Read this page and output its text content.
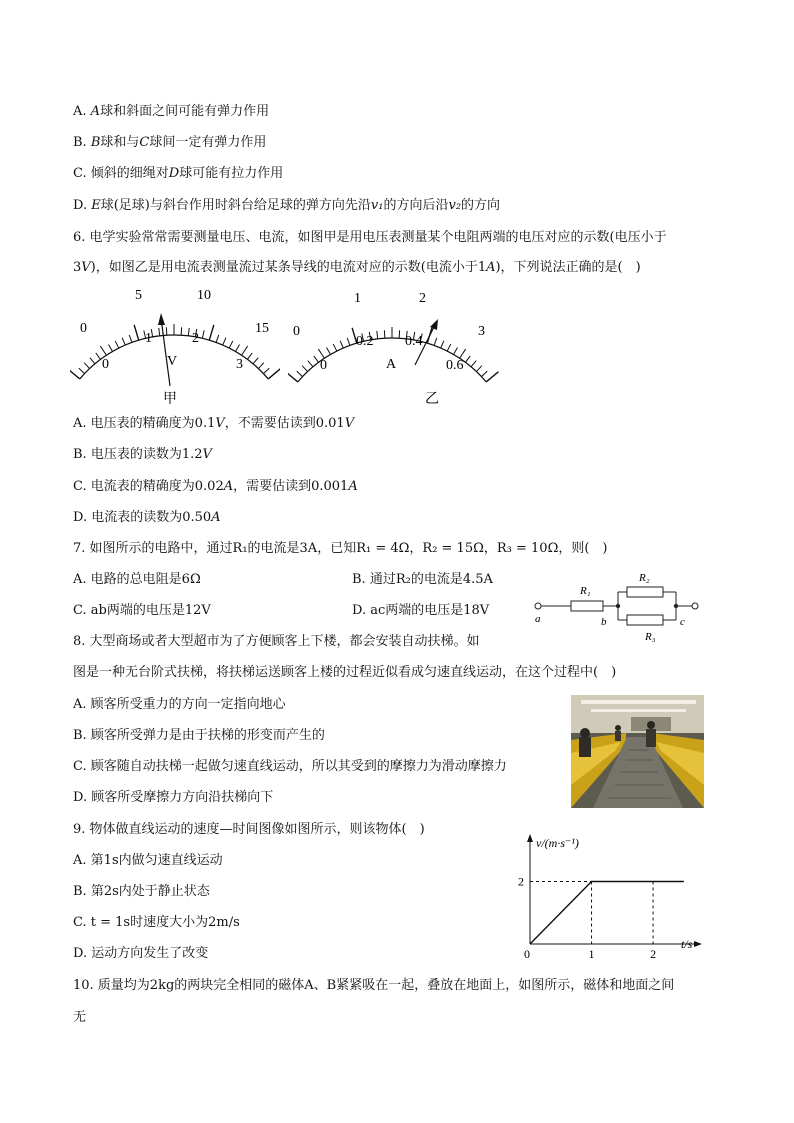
A. A球和斜面之间可能有弹力作用
B. B球和与C球间一定有弹力作用
C. 倾斜的细绳对D球可能有拉力作用
D. E球(足球)与斜台作用时斜台给足球的弹方向先沿v₁的方向后沿v₂的方向
6. 电学实验常常需要测量电压、电流，如图甲是用电压表测量某个电阻两端的电压对应的示数(电压小于
3V)，如图乙是用电流表测量流过某条导线的电流对应的示数(电流小于1A)，下列说法正确的是(　)
0
5	10
15
0
1	2
3
V
甲
0
1	2
3
0
0.2 0.4
0.6
A
乙
A. 电压表的精确度为0.1V，不需要估读到0.01V
B. 电压表的读数为1.2V
C. 电流表的精确度为0.02A，需要估读到0.001A
D. 电流表的读数为0.50A
7. 如图所示的电路中，通过R₁的电流是3A，已知R₁ = 4Ω，R₂ = 15Ω，R₃ = 10Ω，则(　)
A. 电路的总电阻是6Ω	B. 通过R₂的电流是4.5A
C. ab两端的电压是12V	D. ac两端的电压是18V
R₁
R₂
R₃
a	b	c
8. 大型商场或者大型超市为了方便顾客上下楼，都会安装自动扶梯。如
图是一种无台阶式扶梯，将扶梯运送顾客上楼的过程近似看成匀速直线运动，在这个过程中(　)
A. 顾客所受重力的方向一定指向地心
B. 顾客所受弹力是由于扶梯的形变而产生的
C. 顾客随自动扶梯一起做匀速直线运动，所以其受到的摩擦力为滑动摩擦力
D. 顾客所受摩擦力方向沿扶梯向下
9. 物体做直线运动的速度—时间图像如图所示，则该物体(　)
A. 第1s内做匀速直线运动
B. 第2s内处于静止状态
C. t = 1s时速度大小为2m/s
D. 运动方向发生了改变	0	1	2
2
v/(m·s⁻¹)
t/s
10. 质量均为2kg的两块完全相同的磁体A、B紧紧吸在一起，叠放在地面上，如图所示，磁体和地面之间
无
